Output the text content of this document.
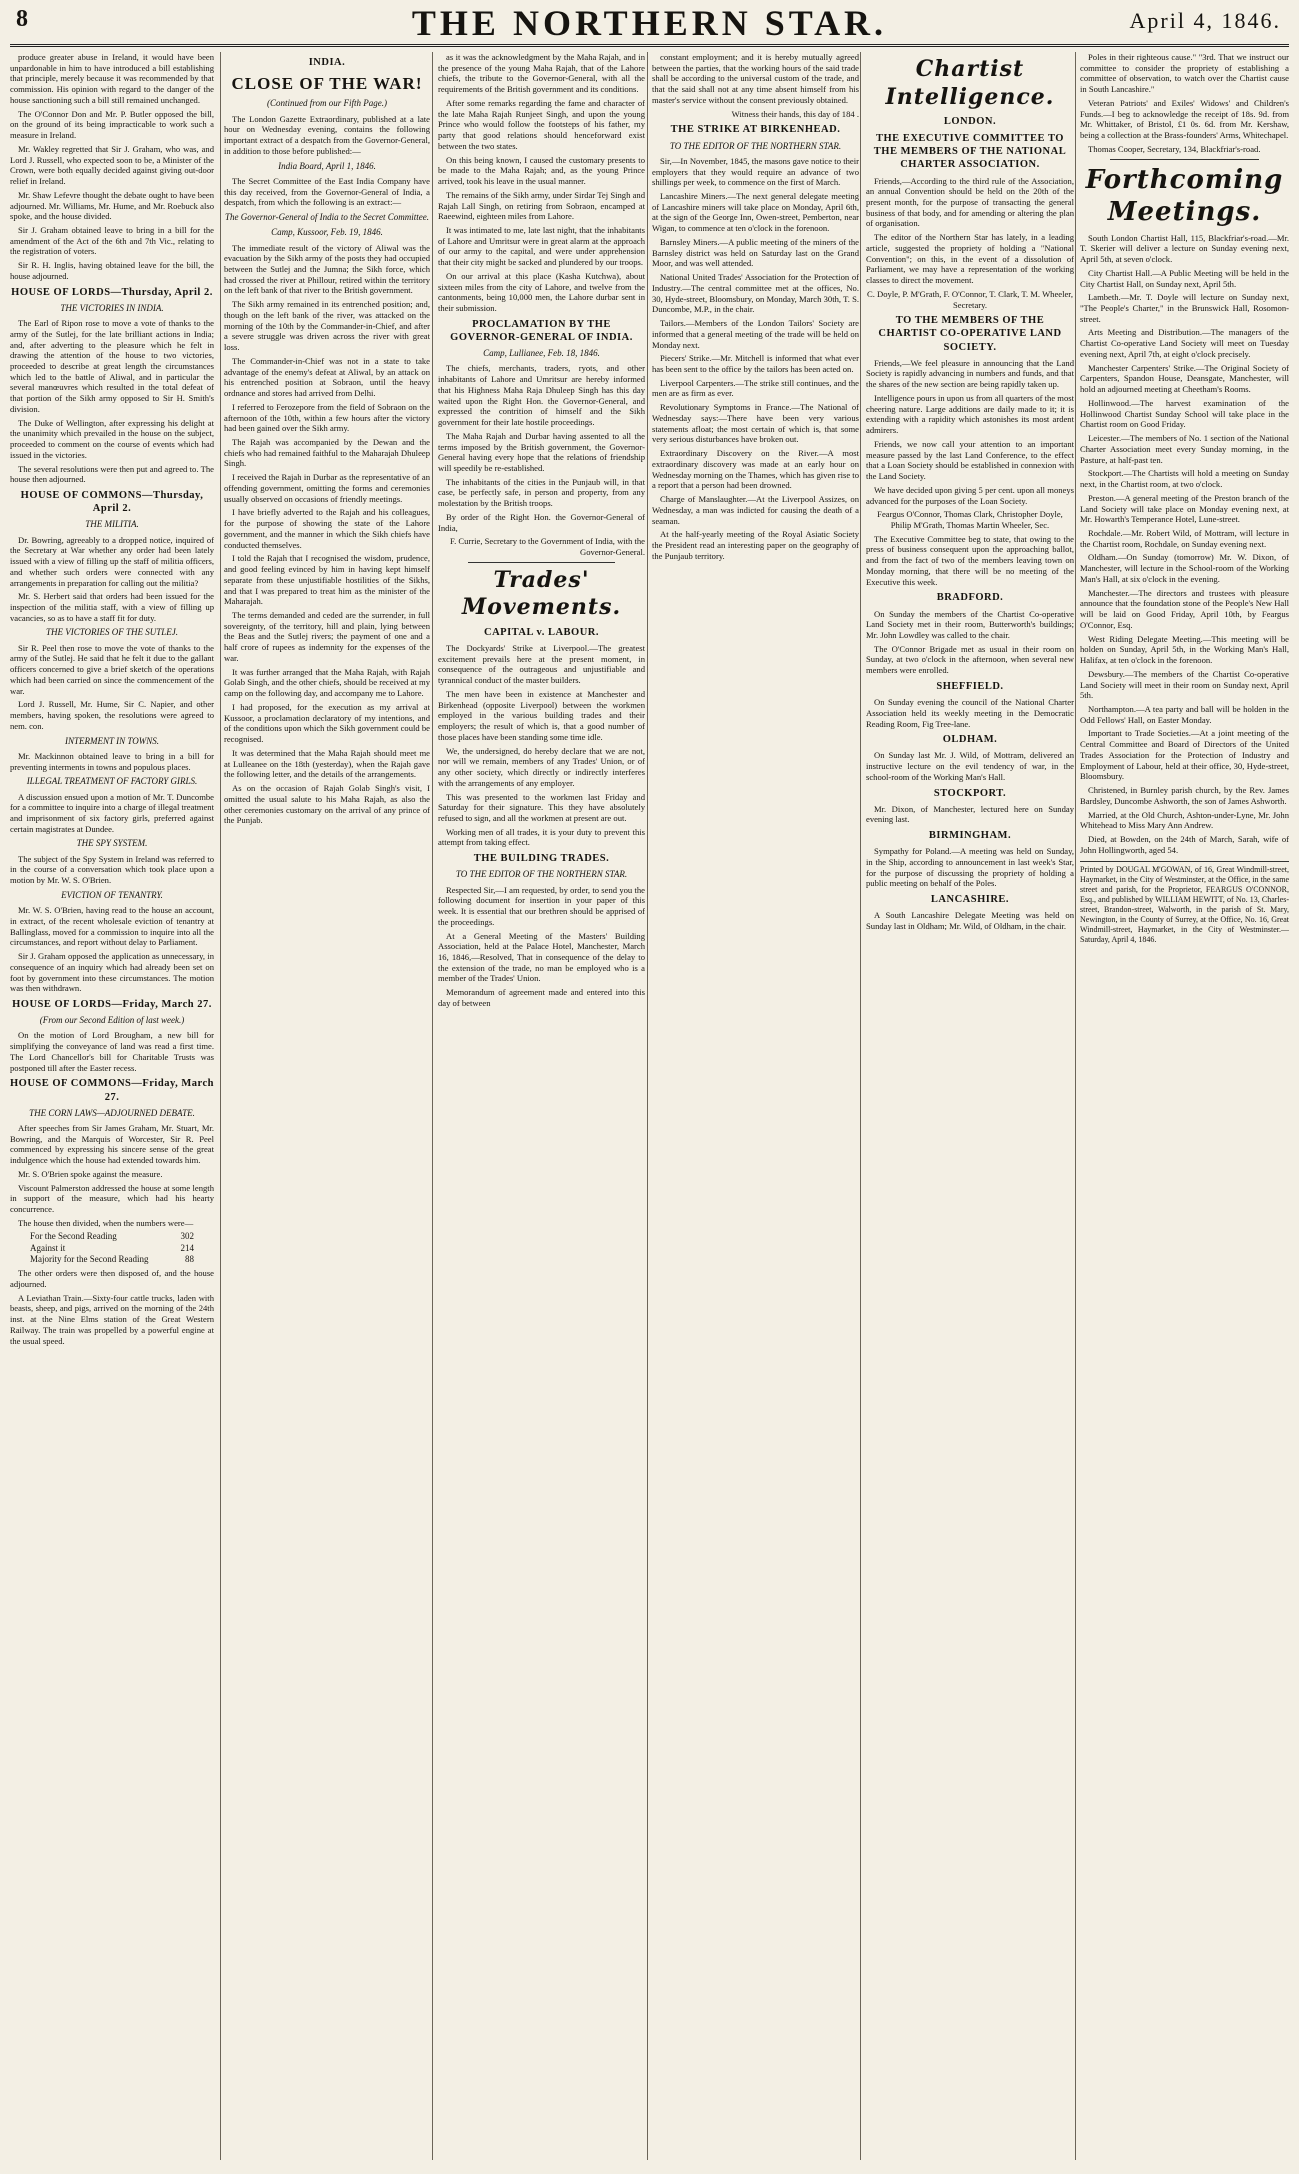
8	THE NORTHERN STAR.	April 4, 1846.

produce greater abuse in Ireland, it would have been unpardonable in him to have introduced a bill establishing that principle, merely because it was recommended by that commission. His opinion with regard to the danger of the house sanctioning such a bill still remained unchanged.

The O'Connor Don and Mr. P. Butler opposed the bill, on the ground of its being impracticable to work such a measure in Ireland.

Mr. Wakley regretted that Sir J. Graham, who was, and Lord J. Russell, who expected soon to be, a Minister of the Crown, were both equally decided against giving out-door relief in Ireland.

Mr. Shaw Lefevre thought the debate ought to have been adjourned. Mr. Williams, Mr. Hume, and Mr. Roebuck also spoke, and the house divided.

Sir J. Graham obtained leave to bring in a bill for the amendment of the Act of the 6th and 7th Vic., relating to the registration of voters.

Sir R. H. Inglis, having obtained leave for the bill, the house adjourned.

HOUSE OF LORDS—Thursday, April 2.
THE VICTORIES IN INDIA.

The Earl of Ripon rose to move a vote of thanks to the army of the Sutlej, for the late brilliant actions in India; and, after adverting to the pleasure which he felt in drawing the attention of the house to two victories, proceeded to describe at great length the circumstances which led to the battle of Aliwal, and in particular the several manœuvres which resulted in the total defeat of that portion of the Sikh army opposed to Sir H. Smith's division.

The Duke of Wellington, after expressing his delight at the unanimity which prevailed in the house on the subject, proceeded to comment on the course of events which had issued in the victories.

The several resolutions were then put and agreed to. The house then adjourned.

HOUSE OF COMMONS—Thursday, April 2.
THE MILITIA.

Dr. Bowring, agreeably to a dropped notice, inquired of the Secretary at War whether any order had been lately issued with a view of filling up the staff of militia officers, and whether such orders were connected with any arrangements in preparation for calling out the militia?

Mr. S. Herbert said that orders had been issued for the inspection of the militia staff, with a view of filling up vacancies, so as to have a staff fit for duty.

THE VICTORIES OF THE SUTLEJ.

Sir R. Peel then rose to move the vote of thanks to the army of the Sutlej. He said that he felt it due to the gallant officers concerned to give a brief sketch of the operations which had been carried on since the commencement of the war.

Lord J. Russell, Mr. Hume, Sir C. Napier, and other members, having spoken, the resolutions were agreed to nem. con.

INTERMENT IN TOWNS.

Mr. Mackinnon obtained leave to bring in a bill for preventing interments in towns and populous places.

ILLEGAL TREATMENT OF FACTORY GIRLS.

A discussion ensued upon a motion of Mr. T. Duncombe for a committee to inquire into a charge of illegal treatment and imprisonment of six factory girls, preferred against certain magistrates at Dundee.

THE SPY SYSTEM.

The subject of the Spy System in Ireland was referred to in the course of a conversation which took place upon a motion by Mr. W. S. O'Brien.

EVICTION OF TENANTRY.

Mr. W. S. O'Brien, having read to the house an account, in extract, of the recent wholesale eviction of tenantry at Ballinglass, moved for a commission to inquire into all the circumstances, and report without delay to Parliament.

Sir J. Graham opposed the application as unnecessary, in consequence of an inquiry which had already been set on foot by government into these circumstances. The motion was then withdrawn.

HOUSE OF LORDS—Friday, March 27.
(From our Second Edition of last week.)

On the motion of Lord Brougham, a new bill for simplifying the conveyance of land was read a first time. The Lord Chancellor's bill for Charitable Trusts was postponed till after the Easter recess.

HOUSE OF COMMONS—Friday, March 27.
THE CORN LAWS—ADJOURNED DEBATE.

After speeches from Sir James Graham, Mr. Stuart, Mr. Bowring, and the Marquis of Worcester, Sir R. Peel commenced by expressing his sincere sense of the great indulgence which the house had extended towards him.

Mr. S. O'Brien spoke against the measure.

Viscount Palmerston addressed the house at some length in support of the measure, which had his hearty concurrence.

The house then divided, when the numbers were—

For the Second Reading	302
Against it	214
Majority for the Second Reading	88

The other orders were then disposed of, and the house adjourned.

A Leviathan Train.—Sixty-four cattle trucks, laden with beasts, sheep, and pigs, arrived on the morning of the 24th inst. at the Nine Elms station of the Great Western Railway. The train was propelled by a powerful engine at the usual speed.

INDIA.
CLOSE OF THE WAR!
(Continued from our Fifth Page.)

The London Gazette Extraordinary, published at a late hour on Wednesday evening, contains the following important extract of a despatch from the Governor-General, in addition to those before published:—

India Board, April 1, 1846.

The Secret Committee of the East India Company have this day received, from the Governor-General of India, a despatch, from which the following is an extract:—

The Governor-General of India to the Secret Committee.
Camp, Kussoor, Feb. 19, 1846.

The immediate result of the victory of Aliwal was the evacuation by the Sikh army of the posts they had occupied between the Sutlej and the Jumna; the Sikh force, which had crossed the river at Phillour, retired within the territory on the left bank of that river to the British government.

The Sikh army remained in its entrenched position; and, though on the left bank of the river, was attacked on the morning of the 10th by the Commander-in-Chief, and after a severe struggle was driven across the river with great loss.

The Commander-in-Chief was not in a state to take advantage of the enemy's defeat at Aliwal, by an attack on his entrenched position at Sobraon, until the heavy ordnance and stores had arrived from Delhi.

I referred to Ferozepore from the field of Sobraon on the afternoon of the 10th, within a few hours after the victory had been gained over the Sikh army.

The Rajah was accompanied by the Dewan and the chiefs who had remained faithful to the Maharajah Dhuleep Singh.

I received the Rajah in Durbar as the representative of an offending government, omitting the forms and ceremonies usually observed on occasions of friendly meetings.

I have briefly adverted to the Rajah and his colleagues, for the purpose of showing the state of the Lahore government, and the manner in which the Sikh chiefs have conducted themselves.

I told the Rajah that I recognised the wisdom, prudence, and good feeling evinced by him in having kept himself separate from these unjustifiable hostilities of the Sikhs, and that I was prepared to treat him as the minister of the Maharajah.

The terms demanded and ceded are the surrender, in full sovereignty, of the territory, hill and plain, lying between the Beas and the Sutlej rivers; the payment of one and a half crore of rupees as indemnity for the expenses of the war.

It was further arranged that the Maha Rajah, with Rajah Golab Singh, and the other chiefs, should be received at my camp on the following day, and accompany me to Lahore.

I had proposed, for the execution as my arrival at Kussoor, a proclamation declaratory of my intentions, and of the conditions upon which the Sikh government could be recognised.

It was determined that the Maha Rajah should meet me at Lulleanee on the 18th (yesterday), when the Rajah gave the following letter, and the details of the arrangements.

As on the occasion of Rajah Golab Singh's visit, I omitted the usual salute to his Maha Rajah, as also the other ceremonies customary on the arrival of any prince of the Punjab.

as it was the acknowledgment by the Maha Rajah, and in the presence of the young Maha Rajah, that of the Lahore chiefs, the tribute to the Governor-General, with all the requirements of the British government and its conditions.

After some remarks regarding the fame and character of the late Maha Rajah Runjeet Singh, and upon the young Prince who would follow the footsteps of his father, my party that good relations should henceforward exist between the two states.

On this being known, I caused the customary presents to be made to the Maha Rajah; and, as the young Prince arrived, took his leave in the usual manner.

The remains of the Sikh army, under Sirdar Tej Singh and Rajah Lall Singh, on retiring from Sobraon, encamped at Raeewind, eighteen miles from Lahore.

It was intimated to me, late last night, that the inhabitants of Lahore and Umritsur were in great alarm at the approach of our army to the capital, and were under apprehension that their city might be sacked and plundered by our troops.

On our arrival at this place (Kasha Kutchwa), about sixteen miles from the city of Lahore, and twelve from the cantonments, being 10,000 men, the Lahore durbar sent in their submission.

PROCLAMATION BY THE GOVERNOR-GENERAL OF INDIA.
Camp, Lullianee, Feb. 18, 1846.

The chiefs, merchants, traders, ryots, and other inhabitants of Lahore and Umritsur are hereby informed that his Highness Maha Raja Dhuleep Singh has this day waited upon the Right Hon. the Governor-General, and expressed the contrition of himself and the Sikh government for their late hostile proceedings.

The Maha Rajah and Durbar having assented to all the terms imposed by the British government, the Governor-General having every hope that the relations of friendship will speedily be re-established.

The inhabitants of the cities in the Punjaub will, in that case, be perfectly safe, in person and property, from any molestation by the British troops.

By order of the Right Hon. the Governor-General of India,

F. Currie, Secretary to the Government of India, with the Governor-General.

Trades' Movements.
CAPITAL v. LABOUR.

The Dockyards' Strike at Liverpool.—The greatest excitement prevails here at the present moment, in consequence of the outrageous and unjustifiable and tyrannical conduct of the master builders.

The men have been in existence at Manchester and Birkenhead (opposite Liverpool) between the workmen employed in the various building trades and their employers; the result of which is, that a good number of those places have been standing some time idle.

We, the undersigned, do hereby declare that we are not, nor will we remain, members of any Trades' Union, or of any other society, which directly or indirectly interferes with the arrangements of any employer.

This was presented to the workmen last Friday and Saturday for their signature. This they have absolutely refused to sign, and all the workmen at present are out.

Working men of all trades, it is your duty to prevent this attempt from taking effect.

THE BUILDING TRADES.
TO THE EDITOR OF THE NORTHERN STAR.

Respected Sir,—I am requested, by order, to send you the following document for insertion in your paper of this week. It is essential that our brethren should be apprised of the proceedings.

At a General Meeting of the Masters' Building Association, held at the Palace Hotel, Manchester, March 16, 1846,—Resolved, That in consequence of the delay to the extension of the trade, no man be employed who is a member of the Trades' Union.

Memorandum of agreement made and entered into this day of between

constant employment; and it is hereby mutually agreed between the parties, that the working hours of the said trade shall be according to the universal custom of the trade, and that the said shall not at any time absent himself from his master's service without the consent previously obtained.

Witness their hands, this day of 184 .

THE STRIKE AT BIRKENHEAD.
TO THE EDITOR OF THE NORTHERN STAR.

Sir,—In November, 1845, the masons gave notice to their employers that they would require an advance of two shillings per week, to commence on the first of March.

Lancashire Miners.—The next general delegate meeting of Lancashire miners will take place on Monday, April 6th, at the sign of the George Inn, Owen-street, Pemberton, near Wigan, to commence at ten o'clock in the forenoon.

Barnsley Miners.—A public meeting of the miners of the Barnsley district was held on Saturday last on the Grand Moor, and was well attended.

National United Trades' Association for the Protection of Industry.—The central committee met at the offices, No. 30, Hyde-street, Bloomsbury, on Monday, March 30th, T. S. Duncombe, M.P., in the chair.

Tailors.—Members of the London Tailors' Society are informed that a general meeting of the trade will be held on Monday next.

Piecers' Strike.—Mr. Mitchell is informed that what ever has been sent to the office by the tailors has been acted on.

Liverpool Carpenters.—The strike still continues, and the men are as firm as ever.

Revolutionary Symptoms in France.—The National of Wednesday says:—There have been very various statements afloat; the most certain of which is, that some very serious disturbances have broken out.

Extraordinary Discovery on the River.—A most extraordinary discovery was made at an early hour on Wednesday morning on the Thames, which has given rise to a report that a person had been drowned.

Charge of Manslaughter.—At the Liverpool Assizes, on Wednesday, a man was indicted for causing the death of a seaman.

At the half-yearly meeting of the Royal Asiatic Society the President read an interesting paper on the geography of the Punjaub territory.

Chartist Intelligence.
LONDON.
THE EXECUTIVE COMMITTEE TO THE MEMBERS OF THE NATIONAL CHARTER ASSOCIATION.

Friends,—According to the third rule of the Association, an annual Convention should be held on the 20th of the present month, for the purpose of transacting the general business of that body, and for amending or altering the plan of organisation.

The editor of the Northern Star has lately, in a leading article, suggested the propriety of holding a "National Convention"; on this, in the event of a dissolution of Parliament, we may have a representation of the working classes to direct the movement.

C. Doyle, P. M'Grath, F. O'Connor, T. Clark, T. M. Wheeler, Secretary.
TO THE MEMBERS OF THE CHARTIST CO-OPERATIVE LAND SOCIETY.

Friends,—We feel pleasure in announcing that the Land Society is rapidly advancing in numbers and funds, and that the shares of the new section are being rapidly taken up.

Intelligence pours in upon us from all quarters of the most cheering nature. Large additions are daily made to it; it is extending with a rapidity which astonishes its most ardent admirers.

Friends, we now call your attention to an important measure passed by the last Land Conference, to the effect that a Loan Society should be established in connexion with the Land Society.

We have decided upon giving 5 per cent. upon all moneys advanced for the purposes of the Loan Society.

Feargus O'Connor, Thomas Clark, Christopher Doyle, Philip M'Grath, Thomas Martin Wheeler, Sec.

The Executive Committee beg to state, that owing to the press of business consequent upon the approaching ballot, and from the fact of two of the members leaving town on Monday morning, that there will be no meeting of the Executive this week.

BRADFORD.

On Sunday the members of the Chartist Co-operative Land Society met in their room, Butterworth's buildings; Mr. John Lowdley was called to the chair.

The O'Connor Brigade met as usual in their room on Sunday, at two o'clock in the afternoon, when several new members were enrolled.

SHEFFIELD.

On Sunday evening the council of the National Charter Association held its weekly meeting in the Democratic Reading Room, Fig Tree-lane.

OLDHAM.

On Sunday last Mr. J. Wild, of Mottram, delivered an instructive lecture on the evil tendency of war, in the school-room of the Working Man's Hall.

STOCKPORT.

Mr. Dixon, of Manchester, lectured here on Sunday evening last.

BIRMINGHAM.

Sympathy for Poland.—A meeting was held on Sunday, in the Ship, according to announcement in last week's Star, for the purpose of discussing the propriety of holding a public meeting on behalf of the Poles.

LANCASHIRE.

A South Lancashire Delegate Meeting was held on Sunday last in Oldham; Mr. Wild, of Oldham, in the chair.

Poles in their righteous cause." "3rd. That we instruct our committee to consider the propriety of establishing a committee of observation, to watch over the Chartist cause in South Lancashire."

Veteran Patriots' and Exiles' Widows' and Children's Funds.—I beg to acknowledge the receipt of 18s. 9d. from Mr. Whittaker, of Bristol, £1 0s. 6d. from Mr. Kershaw, being a collection at the Brass-founders' Arms, Whitechapel.

Thomas Cooper, Secretary, 134, Blackfriar's-road.

Forthcoming Meetings.

South London Chartist Hall, 115, Blackfriar's-road.—Mr. T. Skerier will deliver a lecture on Sunday evening next, April 5th, at seven o'clock.

City Chartist Hall.—A Public Meeting will be held in the City Chartist Hall, on Sunday next, April 5th.

Lambeth.—Mr. T. Doyle will lecture on Sunday next, "The People's Charter," in the Brunswick Hall, Rosomon-street.

Arts Meeting and Distribution.—The managers of the Chartist Co-operative Land Society will meet on Tuesday evening next, April 7th, at eight o'clock precisely.

Manchester Carpenters' Strike.—The Original Society of Carpenters, Spandon House, Deansgate, Manchester, will hold an adjourned meeting at Cheetham's Rooms.

Hollinwood.—The harvest examination of the Hollinwood Chartist Sunday School will take place in the Chartist room on Good Friday.

Leicester.—The members of No. 1 section of the National Charter Association meet every Sunday morning, in the Pasture, at half-past ten.

Stockport.—The Chartists will hold a meeting on Sunday next, in the Chartist room, at two o'clock.

Preston.—A general meeting of the Preston branch of the Land Society will take place on Monday evening next, at Mr. Howarth's Temperance Hotel, Lune-street.

Rochdale.—Mr. Robert Wild, of Mottram, will lecture in the Chartist room, Rochdale, on Sunday evening next.

Oldham.—On Sunday (tomorrow) Mr. W. Dixon, of Manchester, will lecture in the School-room of the Working Man's Hall, at six o'clock in the evening.

Manchester.—The directors and trustees with pleasure announce that the foundation stone of the People's New Hall will be laid on Good Friday, April 10th, by Feargus O'Connor, Esq.

West Riding Delegate Meeting.—This meeting will be holden on Sunday, April 5th, in the Working Man's Hall, Halifax, at ten o'clock in the forenoon.

Dewsbury.—The members of the Chartist Co-operative Land Society will meet in their room on Sunday next, April 5th.

Northampton.—A tea party and ball will be holden in the Odd Fellows' Hall, on Easter Monday.

Important to Trade Societies.—At a joint meeting of the Central Committee and Board of Directors of the United Trades Association for the Protection of Industry and Employment of Labour, held at their office, 30, Hyde-street, Bloomsbury.

Christened, in Burnley parish church, by the Rev. James Bardsley, Duncombe Ashworth, the son of James Ashworth.

Married, at the Old Church, Ashton-under-Lyne, Mr. John Whitehead to Miss Mary Ann Andrew.

Died, at Bowden, on the 24th of March, Sarah, wife of John Hollingworth, aged 54.

Printed by DOUGAL M'GOWAN, of 16, Great Windmill-street, Haymarket, in the City of Westminster, at the Office, in the same street and parish, for the Proprietor, FEARGUS O'CONNOR, Esq., and published by WILLIAM HEWITT, of No. 13, Charles-street, Brandon-street, Walworth, in the parish of St. Mary, Newington, in the County of Surrey, at the Office, No. 16, Great Windmill-street, Haymarket, in the City of Westminster.—Saturday, April 4, 1846.
